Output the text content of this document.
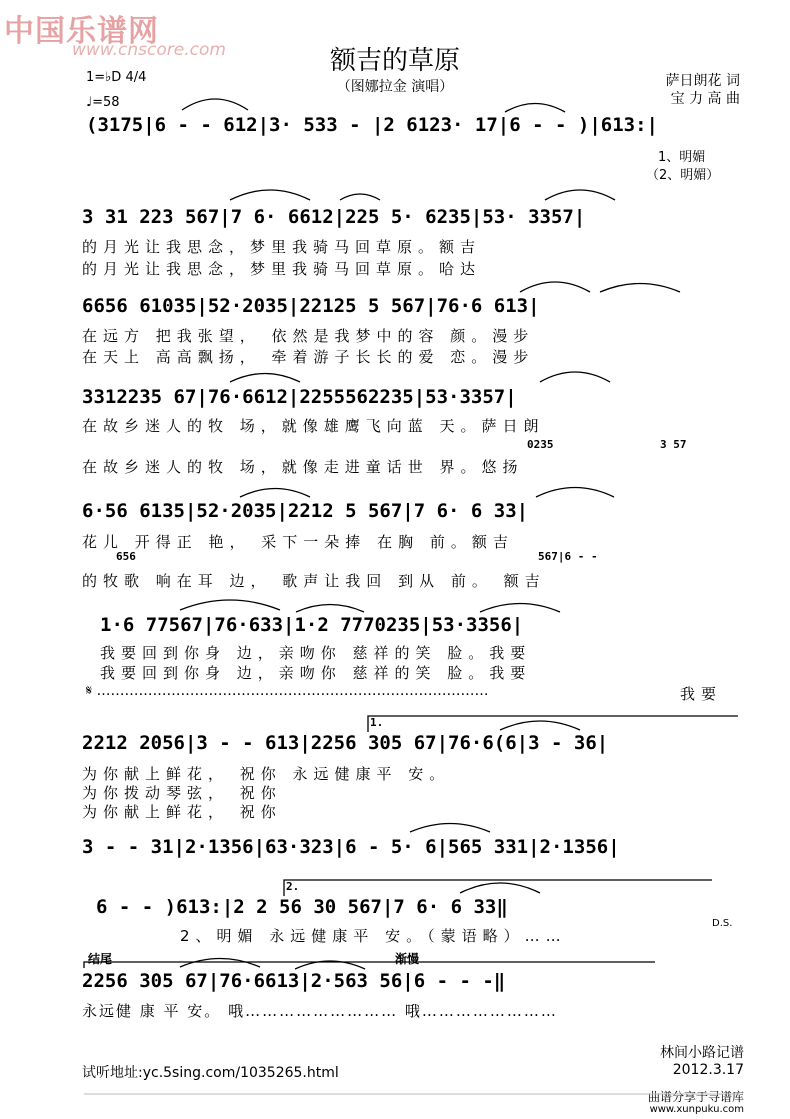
中国乐谱网
www.cnscore.com	额吉的草原
（图娜拉金 演唱）
1=♭D 4/4
♩=58
萨日朗花 词
宝 力 高 曲
(3175|6 - - 612|3· 533 - |2 6123· 17|6 - - )|613:|
1、明媚
（2、明媚）
3 31 223 567|7 6· 6612|225 5· 6235|53· 3357|
的月光让我思念，梦里我骑马回草原。额吉
的月光让我思念，梦里我骑马回草原。哈达
6656 61035|52·2035|22125 5 567|76·6 613|
在远方 把我张望， 依然是我梦中的容 颜。漫步
在天上 高高飘扬， 牵着游子长长的爱 恋。漫步
3312235 67|76·6612|2255562235|53·3357|
在故乡迷人的牧 场，就像雄鹰飞向蓝 天。萨日朗
0235	3 57
在故乡迷人的牧 场，就像走进童话世 界。悠扬
6·56 6135|52·2035|2212 5 567|7 6· 6 33|
花儿 开得正 艳， 采下一朵捧 在胸 前。额吉
656	567|6 - -
的牧歌 响在耳 边， 歌声让我回 到从 前。 额吉
1·6 77567|76·633|1·2 7770235|53·3356|
我要回到你身 边，亲吻你 慈祥的笑 脸。我要
我要回到你身 边，亲吻你 慈祥的笑 脸。我要
𝄋 …………………………………………………………………………	我要
1.
2212 2056|3 - - 613|2256 305 67|76·6(6|3 - 36|
为你献上鲜花， 祝你 永远健康平 安。
为你拨动琴弦， 祝你
为你献上鲜花， 祝你
3 - - 31|2·1356|63·323|6 - 5· 6|565 331|2·1356|
2.
6 - - )613:|2 2 56 30 567|7 6· 6 33‖
2、明媚 永远健康平 安。（蒙语略）……
D.S.
结尾	渐慢
2256 305 67|76·6613|2·563 56|6 - - -‖
永远健 康 平 安。 哦……………………… 哦……………………
林间小路记谱
2012.3.17
试听地址:yc.5sing.com/1035265.html
曲谱分享于寻谱库
www.xunpuku.com
